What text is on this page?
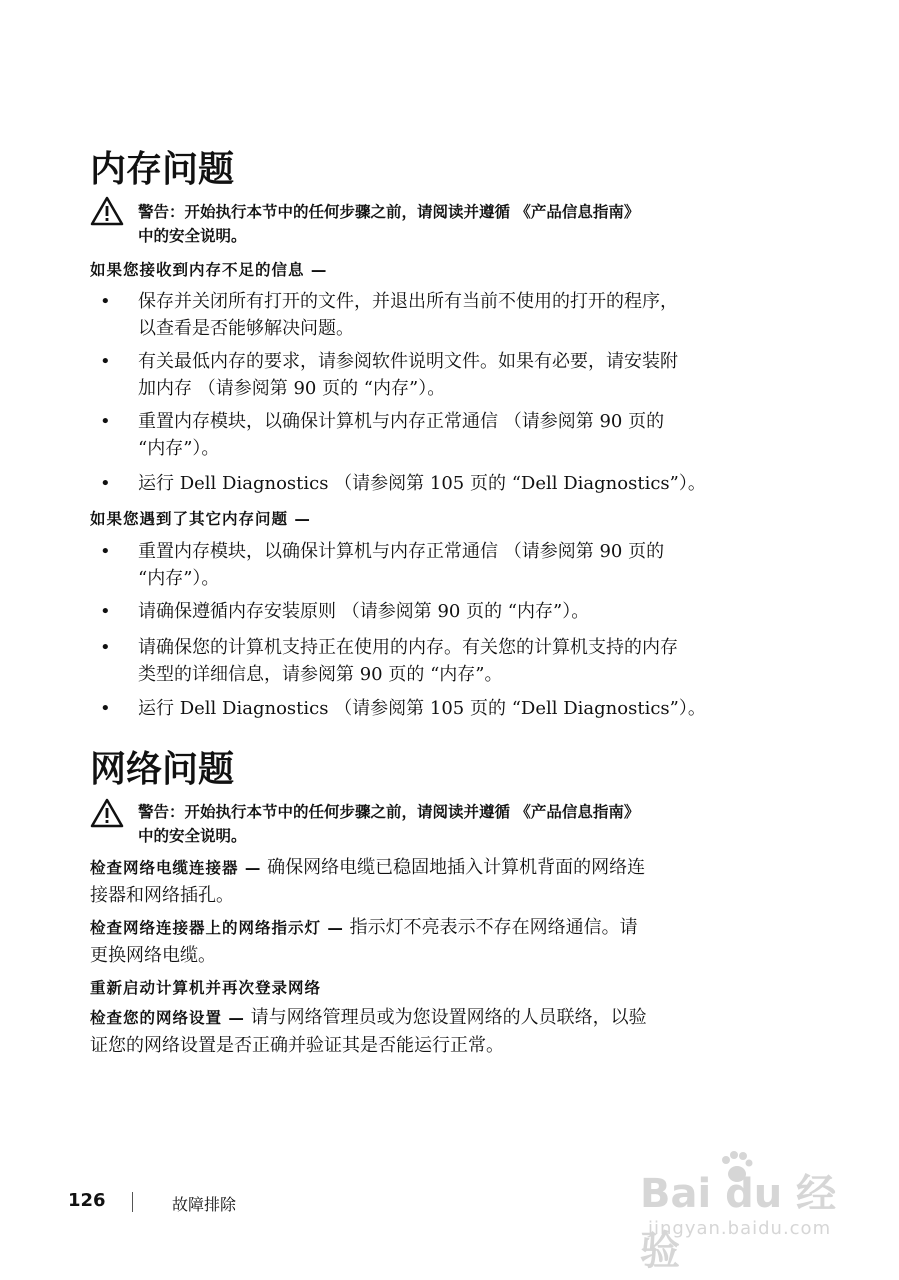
内存问题
警告：开始执行本节中的任何步骤之前，请阅读并遵循 《产品信息指南》
中的安全说明。
如果您接收到内存不足的信息 —
• 保存并关闭所有打开的文件，并退出所有当前不使用的打开的程序，
以查看是否能够解决问题。
• 有关最低内存的要求，请参阅软件说明文件。如果有必要，请安装附
加内存 （请参阅第 90 页的 “内存”）。
• 重置内存模块，以确保计算机与内存正常通信 （请参阅第 90 页的
“内存”）。
• 运行 Dell Diagnostics （请参阅第 105 页的 “Dell Diagnostics”）。
如果您遇到了其它内存问题 —
• 重置内存模块，以确保计算机与内存正常通信 （请参阅第 90 页的
“内存”）。
• 请确保遵循内存安装原则 （请参阅第 90 页的 “内存”）。
• 请确保您的计算机支持正在使用的内存。有关您的计算机支持的内存
类型的详细信息，请参阅第 90 页的 “内存”。
• 运行 Dell Diagnostics （请参阅第 105 页的 “Dell Diagnostics”）。
网络问题
警告：开始执行本节中的任何步骤之前，请阅读并遵循 《产品信息指南》
中的安全说明。
检查网络电缆连接器 — 确保网络电缆已稳固地插入计算机背面的网络连
接器和网络插孔。
检查网络连接器上的网络指示灯 — 指示灯不亮表示不存在网络通信。请
更换网络电缆。
重新启动计算机并再次登录网络
检查您的网络设置 — 请与网络管理员或为您设置网络的人员联络，以验
证您的网络设置是否正确并验证其是否能运行正常。
126	故障排除	Bai du 经验
jingyan.baidu.com
